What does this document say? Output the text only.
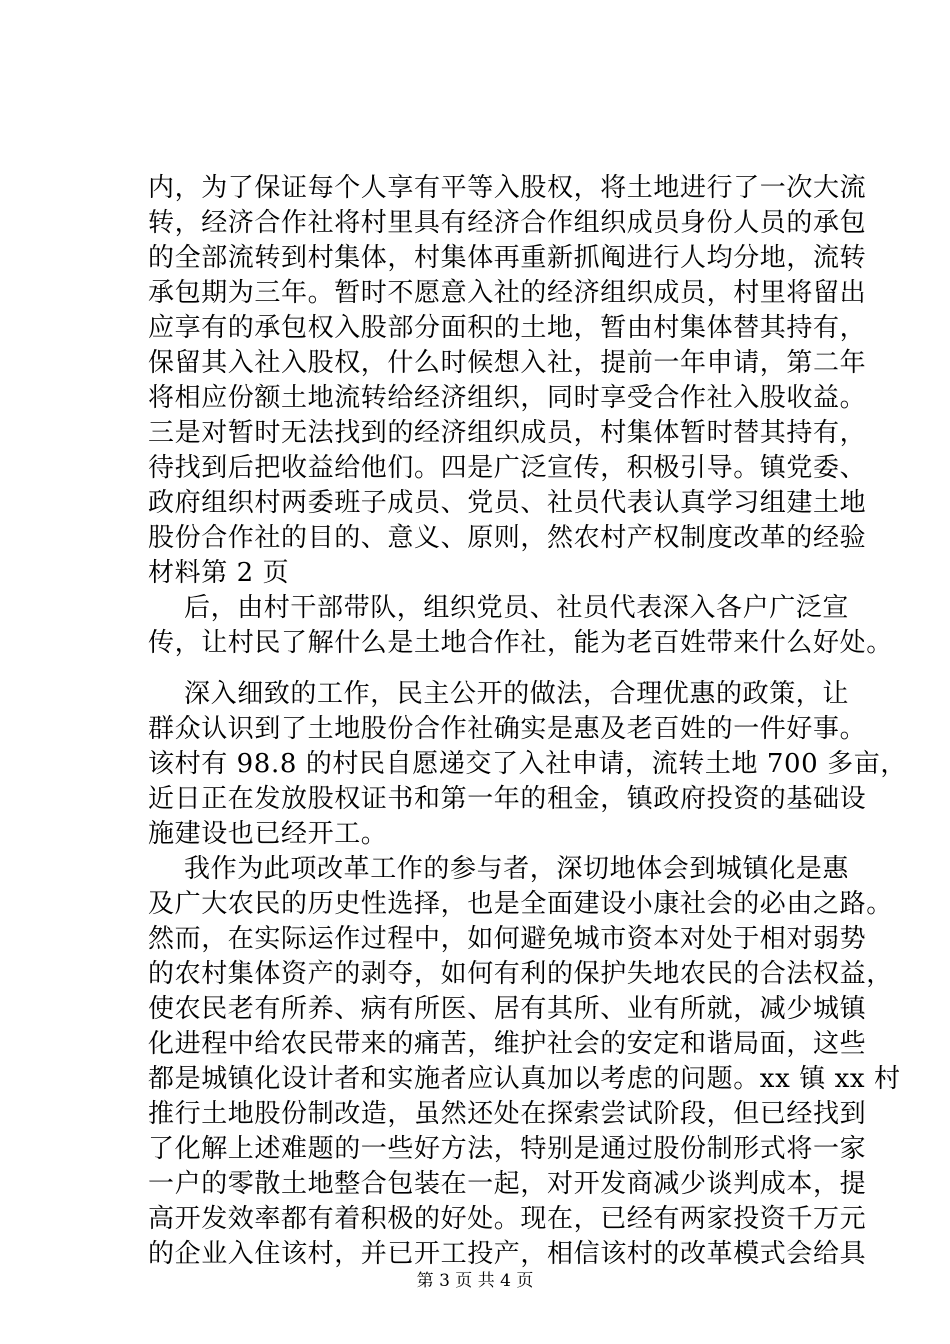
内，为了保证每个人享有平等入股权，将土地进行了一次大流
转，经济合作社将村里具有经济合作组织成员身份人员的承包
的全部流转到村集体，村集体再重新抓阄进行人均分地，流转
承包期为三年。暂时不愿意入社的经济组织成员，村里将留出
应享有的承包权入股部分面积的土地，暂由村集体替其持有，
保留其入社入股权，什么时候想入社，提前一年申请，第二年
将相应份额土地流转给经济组织，同时享受合作社入股收益。
三是对暂时无法找到的经济组织成员，村集体暂时替其持有，
待找到后把收益给他们。四是广泛宣传，积极引导。镇党委、
政府组织村两委班子成员、党员、社员代表认真学习组建土地
股份合作社的目的、意义、原则，然农村产权制度改革的经验
材料第 2 页
后，由村干部带队，组织党员、社员代表深入各户广泛宣
传，让村民了解什么是土地合作社，能为老百姓带来什么好处。
深入细致的工作，民主公开的做法，合理优惠的政策，让
群众认识到了土地股份合作社确实是惠及老百姓的一件好事。
该村有 98.8 的村民自愿递交了入社申请，流转土地 700 多亩，
近日正在发放股权证书和第一年的租金，镇政府投资的基础设
施建设也已经开工。
我作为此项改革工作的参与者，深切地体会到城镇化是惠
及广大农民的历史性选择，也是全面建设小康社会的必由之路。
然而，在实际运作过程中，如何避免城市资本对处于相对弱势
的农村集体资产的剥夺，如何有利的保护失地农民的合法权益，
使农民老有所养、病有所医、居有其所、业有所就，减少城镇
化进程中给农民带来的痛苦，维护社会的安定和谐局面，这些
都是城镇化设计者和实施者应认真加以考虑的问题。xx 镇 xx 村
推行土地股份制改造，虽然还处在探索尝试阶段，但已经找到
了化解上述难题的一些好方法，特别是通过股份制形式将一家
一户的零散土地整合包装在一起，对开发商减少谈判成本，提
高开发效率都有着积极的好处。现在，已经有两家投资千万元
的企业入住该村，并已开工投产，相信该村的改革模式会给具
第 3 页 共 4 页
